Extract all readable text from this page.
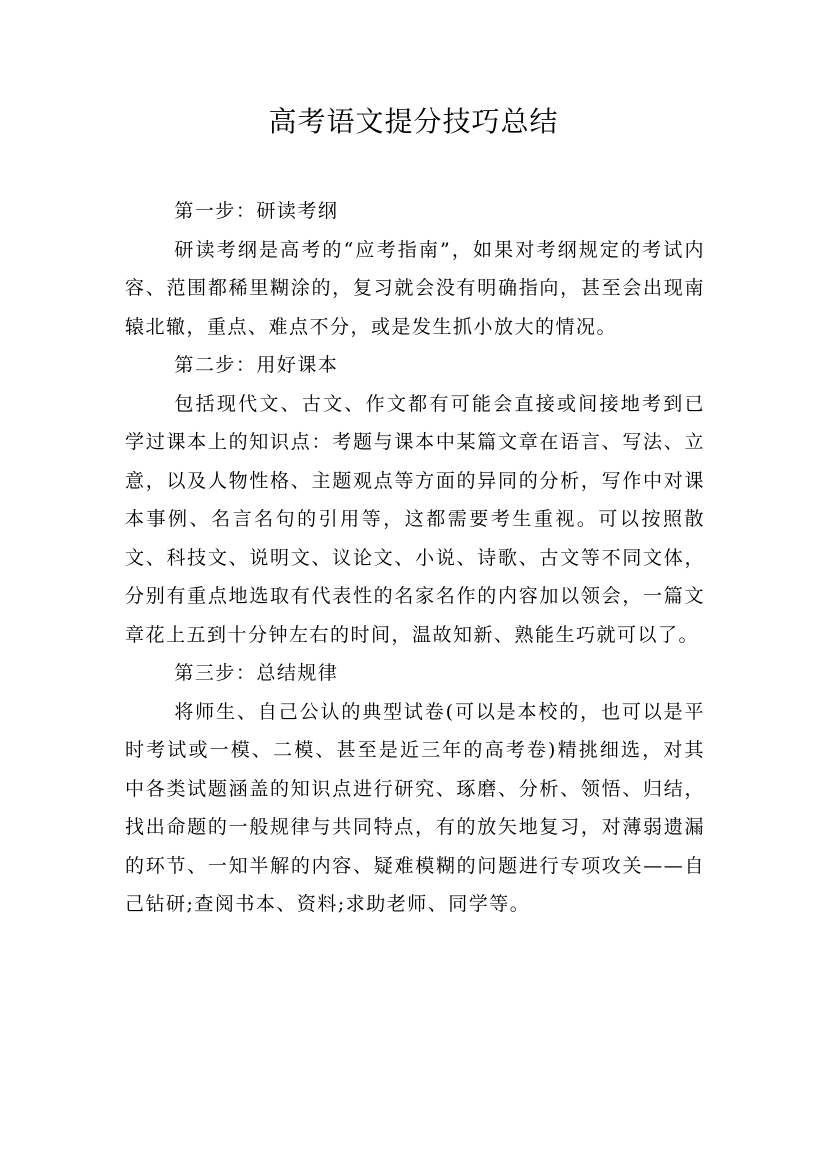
高考语文提分技巧总结

第一步：研读考纲

研读考纲是高考的“应考指南”，如果对考纲规定的考试内容、范围都稀里糊涂的，复习就会没有明确指向，甚至会出现南辕北辙，重点、难点不分，或是发生抓小放大的情况。

第二步：用好课本

包括现代文、古文、作文都有可能会直接或间接地考到已学过课本上的知识点：考题与课本中某篇文章在语言、写法、立意，以及人物性格、主题观点等方面的异同的分析，写作中对课本事例、名言名句的引用等，这都需要考生重视。可以按照散文、科技文、说明文、议论文、小说、诗歌、古文等不同文体，分别有重点地选取有代表性的名家名作的内容加以领会，一篇文章花上五到十分钟左右的时间，温故知新、熟能生巧就可以了。

第三步：总结规律

将师生、自己公认的典型试卷(可以是本校的，也可以是平时考试或一模、二模、甚至是近三年的高考卷)精挑细选，对其中各类试题涵盖的知识点进行研究、琢磨、分析、领悟、归结，找出命题的一般规律与共同特点，有的放矢地复习，对薄弱遗漏的环节、一知半解的内容、疑难模糊的问题进行专项攻关——自己钻研;查阅书本、资料;求助老师、同学等。
